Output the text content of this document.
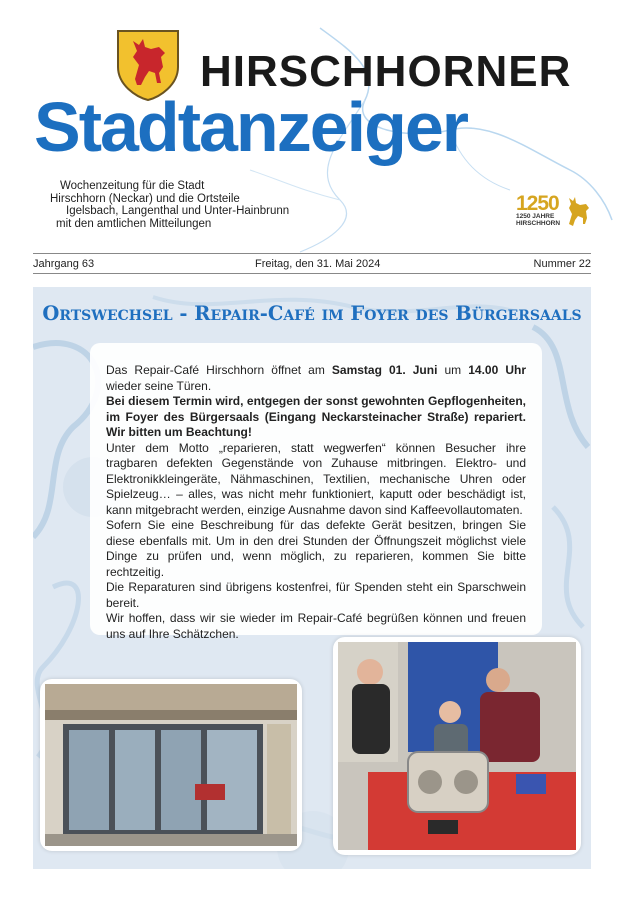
HIRSCHHORNER
Stadtanzeiger
Wochenzeitung für die Stadt
Hirschhorn (Neckar) und die Ortsteile
Igelsbach, Langenthal und Unter-Hainbrunn
mit den amtlichen Mitteilungen
1250
1250 JAHRE
HIRSCHHORN
Jahrgang 63	Freitag, den 31. Mai 2024	Nummer 22
Ortswechsel - Repair-Café im Foyer des Bürgersaals

Das Repair-Café Hirschhorn öffnet am Samstag 01. Juni um 14.00 Uhr wieder seine Türen.

Bei diesem Termin wird, entgegen der sonst gewohnten Gepflogenheiten, im Foyer des Bürgersaals (Eingang Neckarsteinacher Straße) repariert. Wir bitten um Beachtung!

Unter dem Motto „reparieren, statt wegwerfen“ können Besucher ihre tragbaren defekten Gegenstände von Zuhause mitbringen. Elektro- und Elektronikkleingeräte, Nähmaschinen, Textilien, mechanische Uhren oder Spielzeug… – alles, was nicht mehr funktioniert, kaputt oder beschädigt ist, kann mitgebracht werden, einzige Ausnahme davon sind Kaffeevollautomaten.

Sofern Sie eine Beschreibung für das defekte Gerät besitzen, bringen Sie diese ebenfalls mit. Um in den drei Stunden der Öffnungszeit möglichst viele Dinge zu prüfen und, wenn möglich, zu reparieren, kommen Sie bitte rechtzeitig.

Die Reparaturen sind übrigens kostenfrei, für Spenden steht ein Sparschwein bereit.

Wir hoffen, dass wir sie wieder im Repair-Café begrüßen können und freuen uns auf Ihre Schätzchen.
